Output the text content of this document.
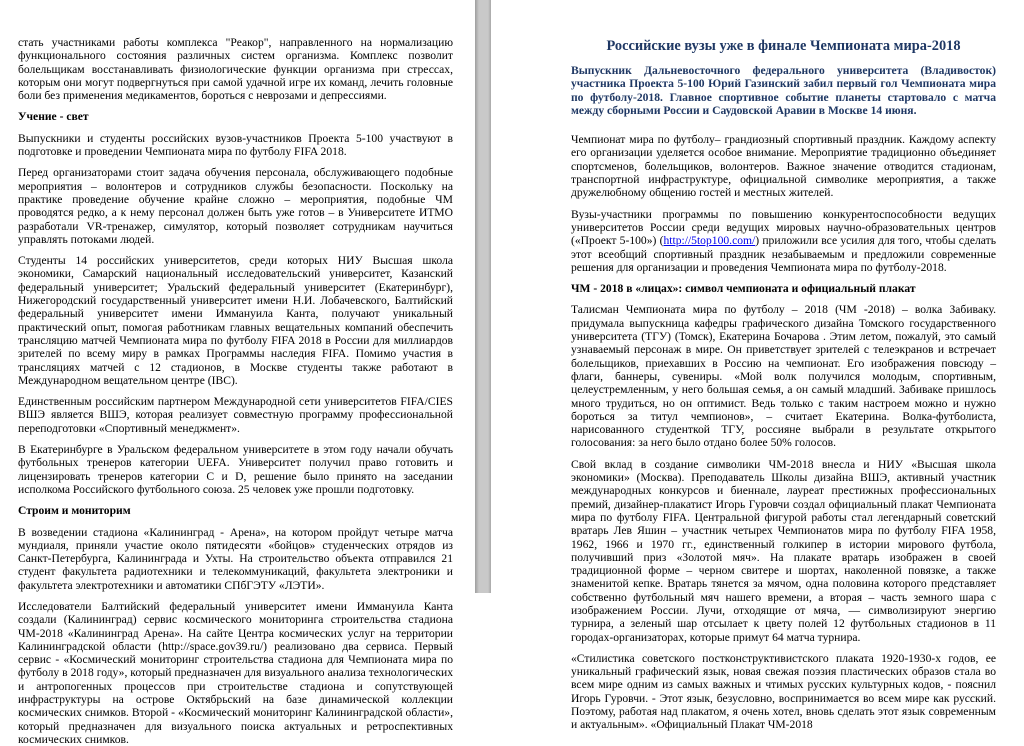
стать участниками работы комплекса "Реакор", направленного на нормализацию функционального состояния различных систем организма. Комплекс позволит болельщикам восстанавливать физиологические функции организма при стрессах, которым они могут подвергнуться при самой удачной игре их команд, лечить головные боли без применения медикаментов, бороться с неврозами и депрессиями.

Учение - свет

Выпускники и студенты российских вузов-участников Проекта 5-100 участвуют в подготовке и проведении Чемпионата мира по футболу FIFA 2018.

Перед организаторами стоит задача обучения персонала, обслуживающего подобные мероприятия – волонтеров и сотрудников службы безопасности. Поскольку на практике проведение обучение крайне сложно – мероприятия, подобные ЧМ проводятся редко, а к нему персонал должен быть уже готов – в Университете ИТМО разработали VR-тренажер, симулятор, который позволяет сотрудникам научиться управлять потоками людей.

Студенты 14 российских университетов, среди которых НИУ Высшая школа экономики, Самарский национальный исследовательский университет, Казанский федеральный университет; Уральский федеральный университет (Екатеринбург), Нижегородский государственный университет имени Н.И. Лобачевского, Балтийский федеральный университет имени Иммануила Канта, получают уникальный практический опыт, помогая работникам главных вещательных компаний обеспечить трансляцию матчей Чемпионата мира по футболу FIFA 2018 в России для миллиардов зрителей по всему миру в рамках Программы наследия FIFA. Помимо участия в трансляциях матчей с 12 стадионов, в Москве студенты также работают в Международном вещательном центре (IBC).

Единственным российским партнером Международной сети университетов FIFA/CIES ВШЭ является ВШЭ, которая реализует совместную программу профессиональной переподготовки «Спортивный менеджмент».

В Екатеринбурге в Уральском федеральном университете в этом году начали обучать футбольных тренеров категории UEFA. Университет получил право готовить и лицензировать тренеров категории C и D, решение было принято на заседании исполкома Российского футбольного союза. 25 человек уже прошли подготовку.

Строим и мониторим

В возведении стадиона «Калининград - Арена», на котором пройдут четыре матча мундиаля, приняли участие около пятидесяти «бойцов» студенческих отрядов из Санкт-Петербурга, Калининграда и Ухты. На строительство объекта отправился 21 студент факультета радиотехники и телекоммуникаций, факультета электроники и факультета электротехники и автоматики СПбГЭТУ «ЛЭТИ».

Исследователи Балтийский федеральный университет имени Иммануила Канта создали (Калининград) сервис космического мониторинга строительства стадиона ЧМ-2018 «Калининград Арена». На сайте Центра космических услуг на территории Калининградской области (http://space.gov39.ru/) реализовано два сервиса. Первый сервис - «Космический мониторинг строительства стадиона для Чемпионата мира по футболу в 2018 году», который предназначен для визуального анализа технологических и антропогенных процессов при строительстве стадиона и сопутствующей инфраструктуры на острове Октябрьский на базе динамической коллекции космических снимков. Второй - «Космический мониторинг Калининградской области», который предназначен для визуального поиска актуальных и ретроспективных космических снимков.

Российские вузы уже в финале Чемпионата мира-2018
Выпускник Дальневосточного федерального университета (Владивосток) участника Проекта 5-100 Юрий Газинский забил первый гол Чемпионата мира по футболу-2018. Главное спортивное событие планеты стартовало с матча между сборными России и Саудовской Аравии в Москве 14 июня.

Чемпионат мира по футболу– грандиозный спортивный праздник. Каждому аспекту его организации уделяется особое внимание. Мероприятие традиционно объединяет спортсменов, болельщиков, волонтеров. Важное значение отводится стадионам, транспортной инфраструктуре, официальной символике мероприятия, а также дружелюбному общению гостей и местных жителей.

Вузы-участники программы по повышению конкурентоспособности ведущих университетов России среди ведущих мировых научно-образовательных центров («Проект 5-100») (http://5top100.com/) приложили все усилия для того, чтобы сделать этот всеобщий спортивный праздник незабываемым и предложили современные решения для организации и проведения Чемпионата мира по футболу-2018.

ЧМ - 2018 в «лицах»: символ чемпионата и официальный плакат

Талисман Чемпионата мира по футболу – 2018 (ЧМ -2018) – волка Забиваку. придумала выпускница кафедры графического дизайна Томского государственного университета (ТГУ) (Томск), Екатерина Бочарова . Этим летом, пожалуй, это самый узнаваемый персонаж в мире. Он приветствует зрителей с телеэкранов и встречает болельщиков, приехавших в Россию на чемпионат. Его изображения повсюду – флаги, баннеры, сувениры. «Мой волк получился молодым, спортивным, целеустремленным, у него большая семья, а он самый младший. Забиваке пришлось много трудиться, но он оптимист. Ведь только с таким настроем можно и нужно бороться за титул чемпионов», – считает Екатерина. Волка-футболиста, нарисованного студенткой ТГУ, россияне выбрали в результате открытого голосования: за него было отдано более 50% голосов.

Свой вклад в создание символики ЧМ-2018 внесла и НИУ «Высшая школа экономики» (Москва). Преподаватель Школы дизайна ВШЭ, активный участник международных конкурсов и биеннале, лауреат престижных профессиональных премий, дизайнер-плакатист Игорь Гуровчи создал официальный плакат Чемпионата мира по футболу FIFA. Центральной фигурой работы стал легендарный советский вратарь Лев Яшин – участник четырех Чемпионатов мира по футболу FIFA 1958, 1962, 1966 и 1970 гг., единственный голкипер в истории мирового футбола, получивший приз «Золотой мяч». На плакате вратарь изображен в своей традиционной форме – черном свитере и шортах, наколенной повязке, а также знаменитой кепке. Вратарь тянется за мячом, одна половина которого представляет собственно футбольный мяч нашего времени, а вторая – часть земного шара с изображением России. Лучи, отходящие от мяча, — символизируют энергию турнира, а зеленый шар отсылает к цвету полей 12 футбольных стадионов в 11 городах-организаторах, которые примут 64 матча турнира.

«Стилистика советского постконструктивистского плаката 1920-1930-х годов, ее уникальный графический язык, новая свежая поэзия пластических образов стала во всем мире одним из самых важных и чтимых русских культурных кодов, - пояснил Игорь Гуровчи. - Этот язык, безусловно, воспринимается во всем мире как русский. Поэтому, работая над плакатом, я очень хотел, вновь сделать этот язык современным и актуальным». «Официальный Плакат ЧМ-2018
